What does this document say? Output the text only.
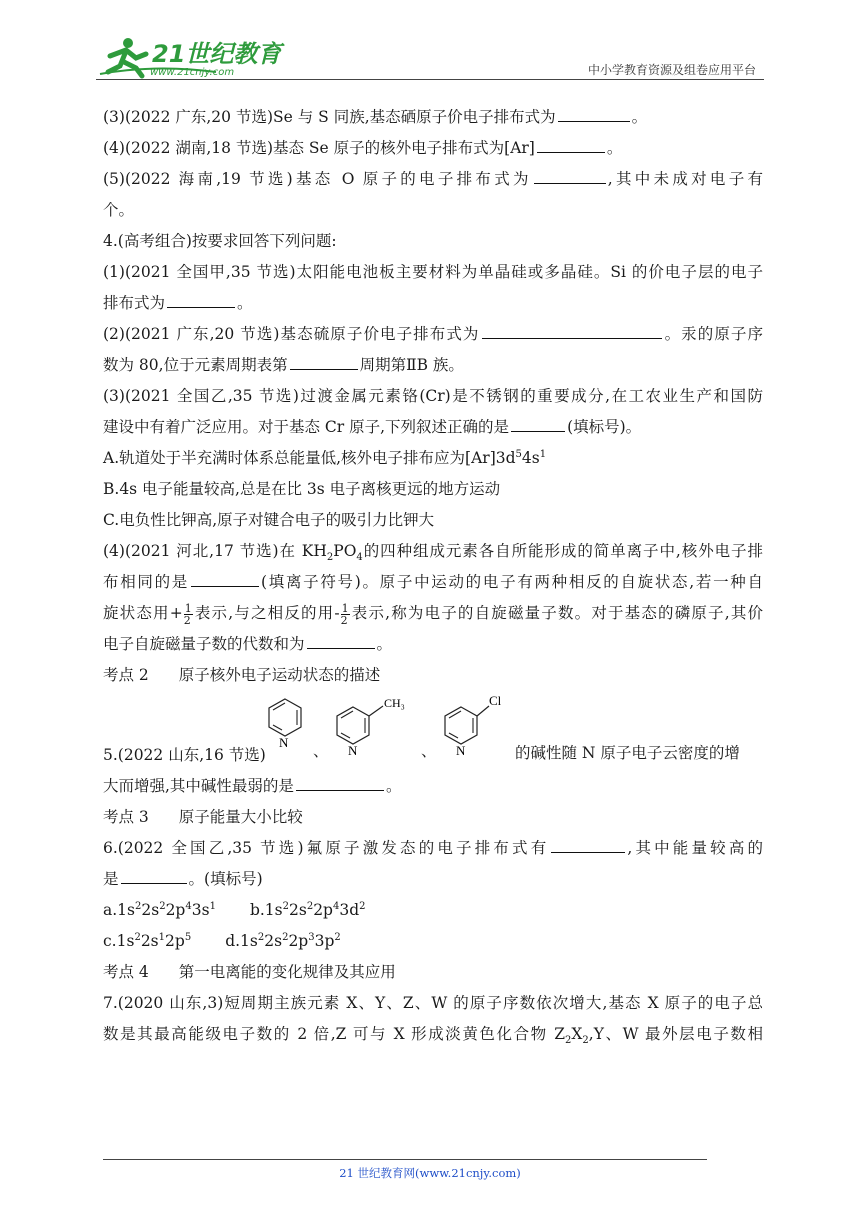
21世纪教育
www.21cnjy.com	中小学教育资源及组卷应用平台
(3)(2022 广东,20 节选)Se 与 S 同族,基态硒原子价电子排布式为	。
(4)(2022 湖南,18 节选)基态 Se 原子的核外电子排布式为[Ar]	。
(5)(2022 海南,19 节选)基态 O 原子的电子排布式为	,其中未成对电子有
个。
4.(高考组合)按要求回答下列问题:
(1)(2021 全国甲,35 节选)太阳能电池板主要材料为单晶硅或多晶硅。Si 的价电子层的电子
排布式为	。
(2)(2021 广东,20 节选)基态硫原子价电子排布式为	。汞的原子序
数为 80,位于元素周期表第	周期第ⅡB 族。
(3)(2021 全国乙,35 节选)过渡金属元素铬(Cr)是不锈钢的重要成分,在工农业生产和国防
建设中有着广泛应用。对于基态 Cr 原子,下列叙述正确的是	(填标号)。
A.轨道处于半充满时体系总能量低,核外电子排布应为$[Ar]3d^54s^1$
B.4s 电子能量较高,总是在比 3s 电子离核更远的地方运动
C.电负性比钾高,原子对键合电子的吸引力比钾大
(4)(2021 河北,17 节选)在 $KH_2PO_4$的四种组成元素各自所能形成的简单离子中,核外电子排
布相同的是	(填离子符号)。原子中运动的电子有两种相反的自旋状态,若一种自
旋状态用+ $\frac{1}{2}$ 表示,与之相反的用- $\frac{1}{2}$ 表示,称为电子的自旋磁量子数。对于基态的磷原子,其价
电子自旋磁量子数的代数和为	。
考点 2 原子核外电子运动状态的描述
5.(2022 山东,16 节选)
N 、
CH₃
N	、
Cl
N	的碱性随 N 原子电子云密度的增
大而增强,其中碱性最弱的是	。
考点 3 原子能量大小比较
6.(2022 全国乙,35 节选)氟原子激发态的电子排布式有	,其中能量较高的
是	。(填标号)
$a.1s^22s^22p^43s^1$ $b.1s^22s^22p^43d^2$
$c.1s^22s^12p^5$ $d.1s^22s^22p^33p^2$
考点 4 第一电离能的变化规律及其应用
7.(2020 山东,3)短周期主族元素 X、Y、Z、W 的原子序数依次增大,基态 X 原子的电子总
数是其最高能级电子数的 2 倍,Z 可与 X 形成淡黄色化合物 $Z_2X_2,Y$、W 最外层电子数相
21 世纪教育网(www.21cnjy.com)
